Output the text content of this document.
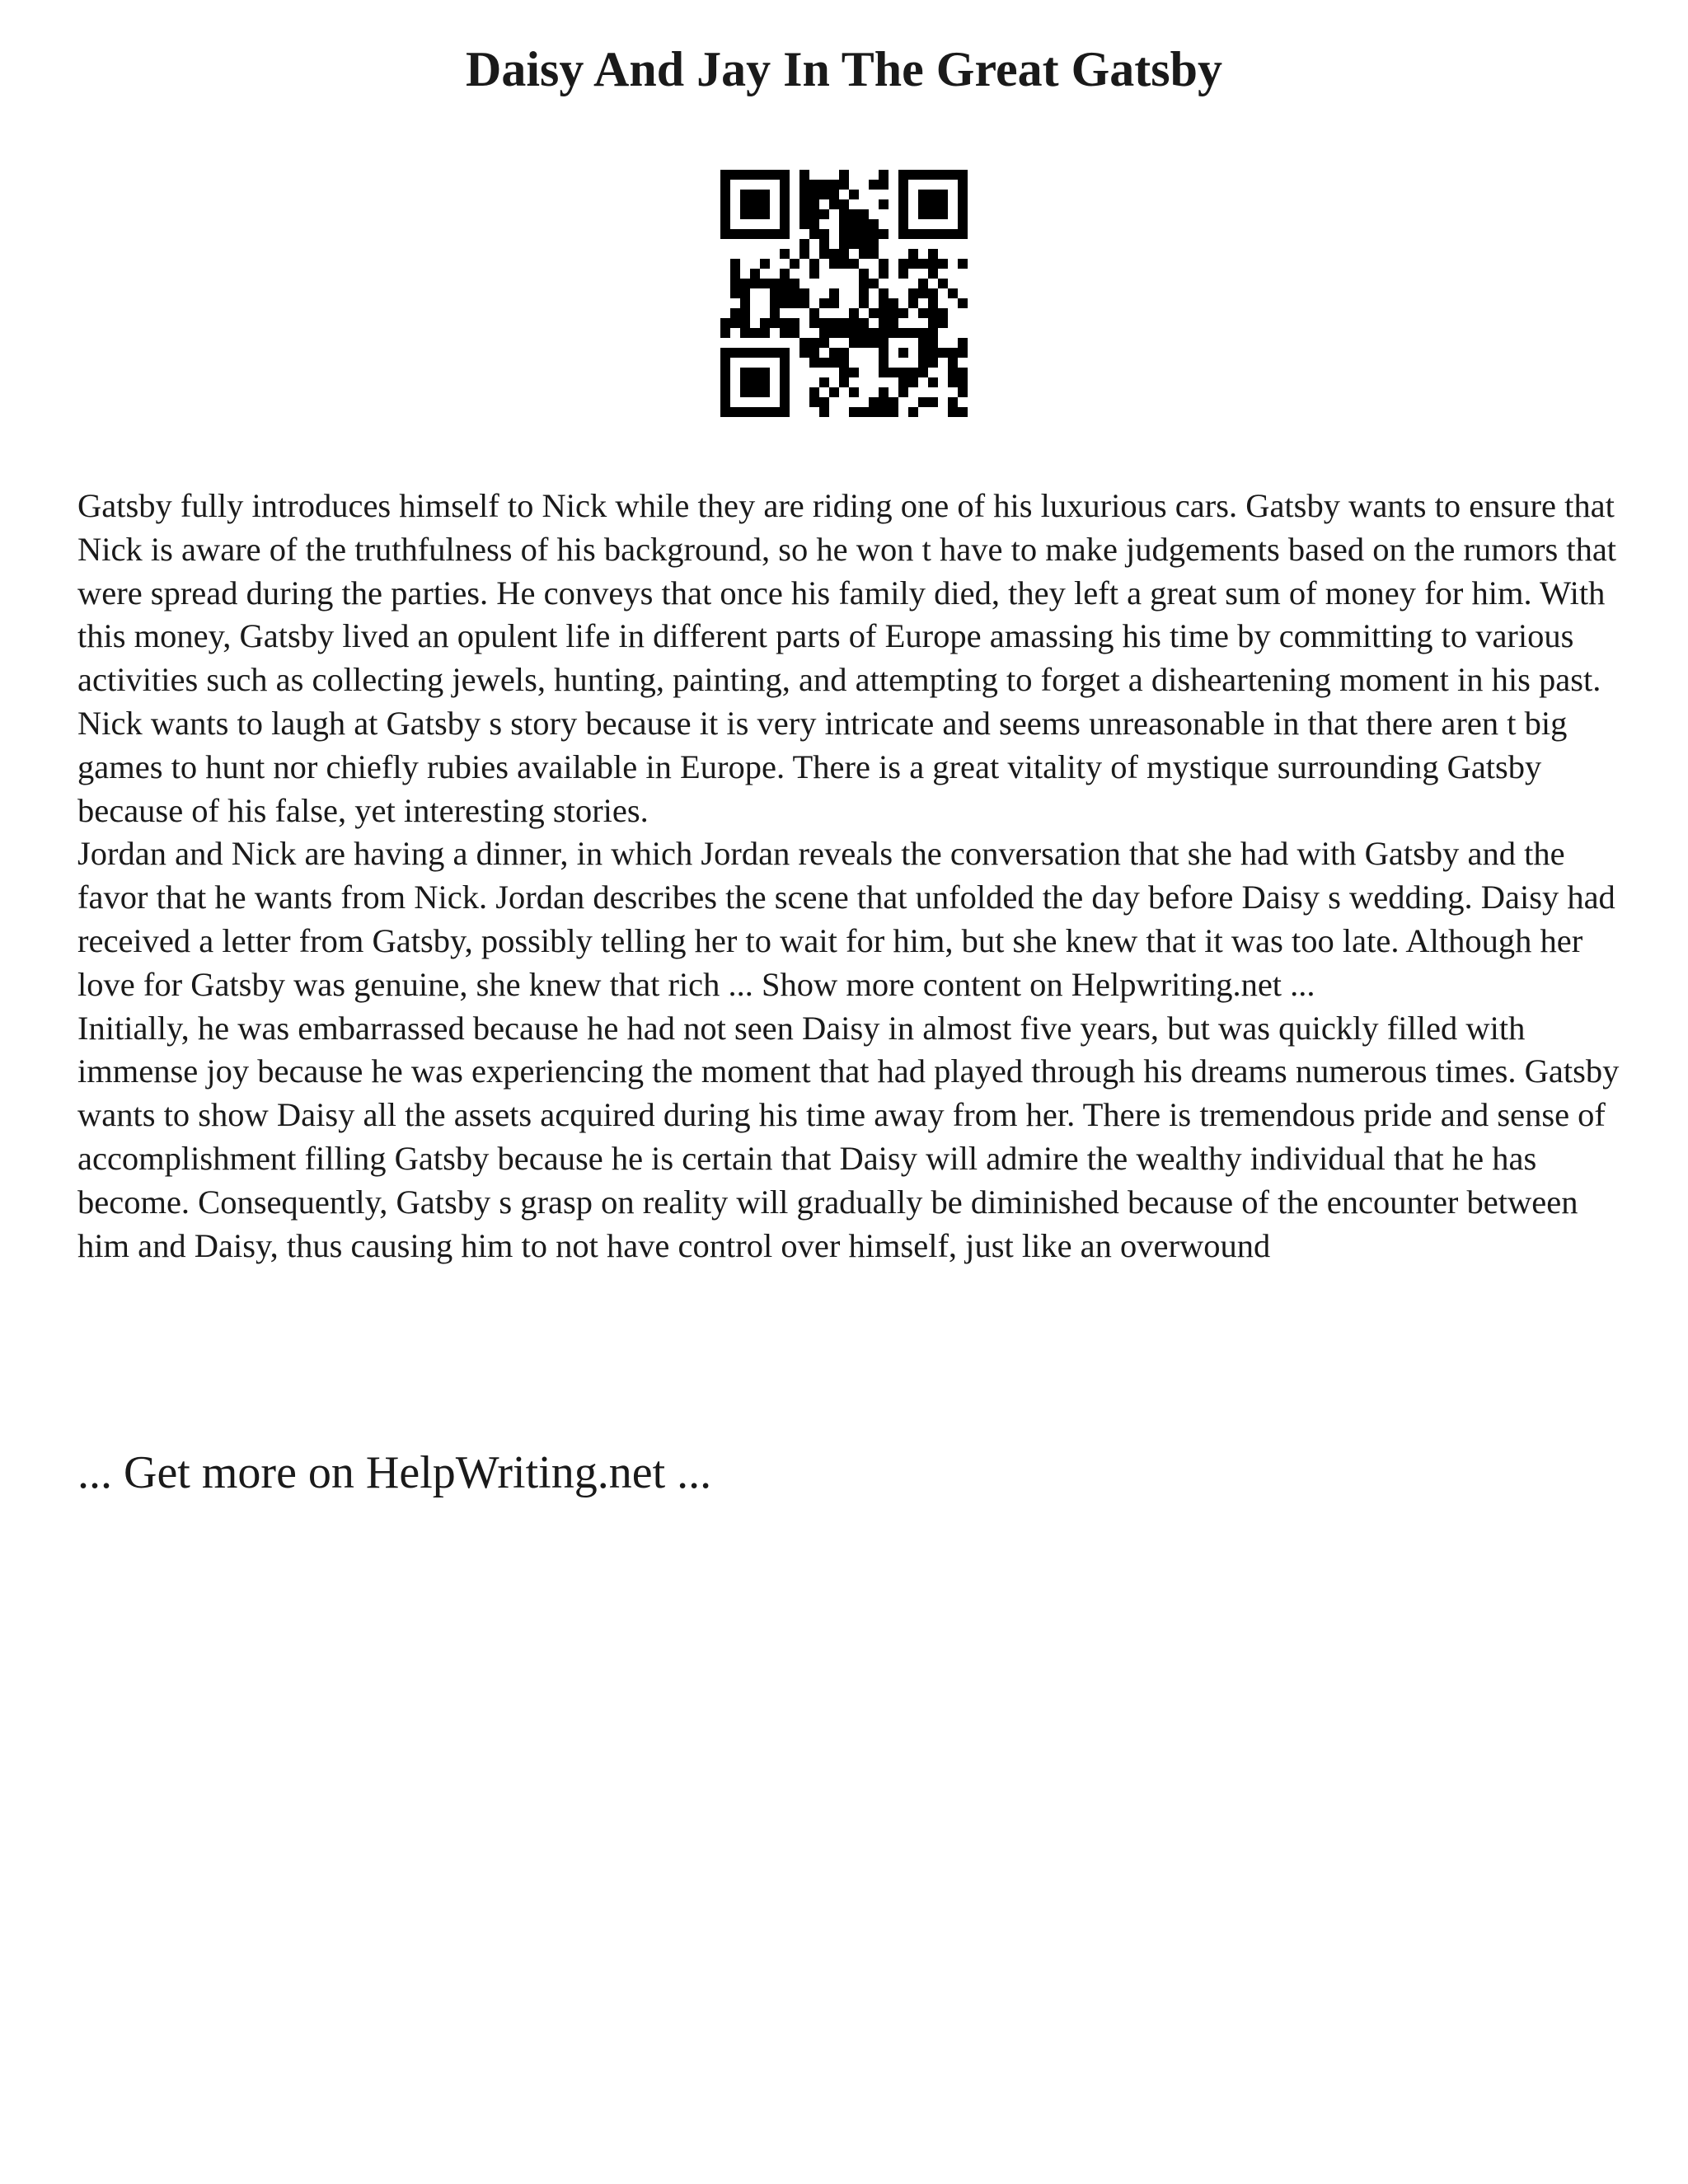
Daisy And Jay In The Great Gatsby

Gatsby fully introduces himself to Nick while they are riding one of his luxurious cars. Gatsby wants to ensure that Nick is aware of the truthfulness of his background, so he won t have to make judgements based on the rumors that were spread during the parties. He conveys that once his family died, they left a great sum of money for him. With this money, Gatsby lived an opulent life in different parts of Europe amassing his time by committing to various activities such as collecting jewels, hunting, painting, and attempting to forget a disheartening moment in his past. Nick wants to laugh at Gatsby s story because it is very intricate and seems unreasonable in that there aren t big games to hunt nor chiefly rubies available in Europe. There is a great vitality of mystique surrounding Gatsby because of his false, yet interesting stories.

Jordan and Nick are having a dinner, in which Jordan reveals the conversation that she had with Gatsby and the favor that he wants from Nick. Jordan describes the scene that unfolded the day before Daisy s wedding. Daisy had received a letter from Gatsby, possibly telling her to wait for him, but she knew that it was too late. Although her love for Gatsby was genuine, she knew that rich ... Show more content on Helpwriting.net ...

Initially, he was embarrassed because he had not seen Daisy in almost five years, but was quickly filled with immense joy because he was experiencing the moment that had played through his dreams numerous times. Gatsby wants to show Daisy all the assets acquired during his time away from her. There is tremendous pride and sense of accomplishment filling Gatsby because he is certain that Daisy will admire the wealthy individual that he has become. Consequently, Gatsby s grasp on reality will gradually be diminished because of the encounter between him and Daisy, thus causing him to not have control over himself, just like an overwound

... Get more on HelpWriting.net ...
